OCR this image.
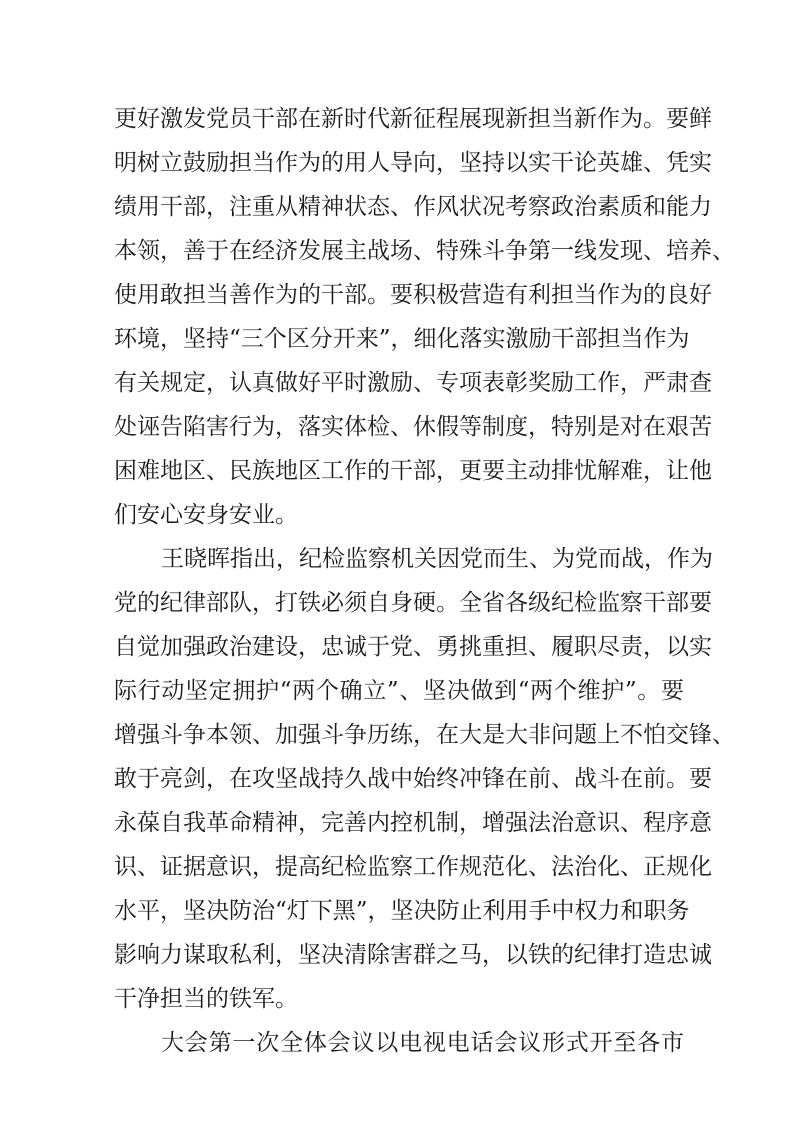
更好激发党员干部在新时代新征程展现新担当新作为。要鲜
明树立鼓励担当作为的用人导向，坚持以实干论英雄、凭实
绩用干部，注重从精神状态、作风状况考察政治素质和能力
本领，善于在经济发展主战场、特殊斗争第一线发现、培养、
使用敢担当善作为的干部。要积极营造有利担当作为的良好
环境，坚持“三个区分开来”，细化落实激励干部担当作为
有关规定，认真做好平时激励、专项表彰奖励工作，严肃查
处诬告陷害行为，落实体检、休假等制度，特别是对在艰苦
困难地区、民族地区工作的干部，更要主动排忧解难，让他
们安心安身安业。
王晓晖指出，纪检监察机关因党而生、为党而战，作为
党的纪律部队，打铁必须自身硬。全省各级纪检监察干部要
自觉加强政治建设，忠诚于党、勇挑重担、履职尽责，以实
际行动坚定拥护“两个确立”、坚决做到“两个维护”。要
增强斗争本领、加强斗争历练，在大是大非问题上不怕交锋、
敢于亮剑，在攻坚战持久战中始终冲锋在前、战斗在前。要
永葆自我革命精神，完善内控机制，增强法治意识、程序意
识、证据意识，提高纪检监察工作规范化、法治化、正规化
水平，坚决防治“灯下黑”，坚决防止利用手中权力和职务
影响力谋取私利，坚决清除害群之马，以铁的纪律打造忠诚
干净担当的铁军。
大会第一次全体会议以电视电话会议形式开至各市
